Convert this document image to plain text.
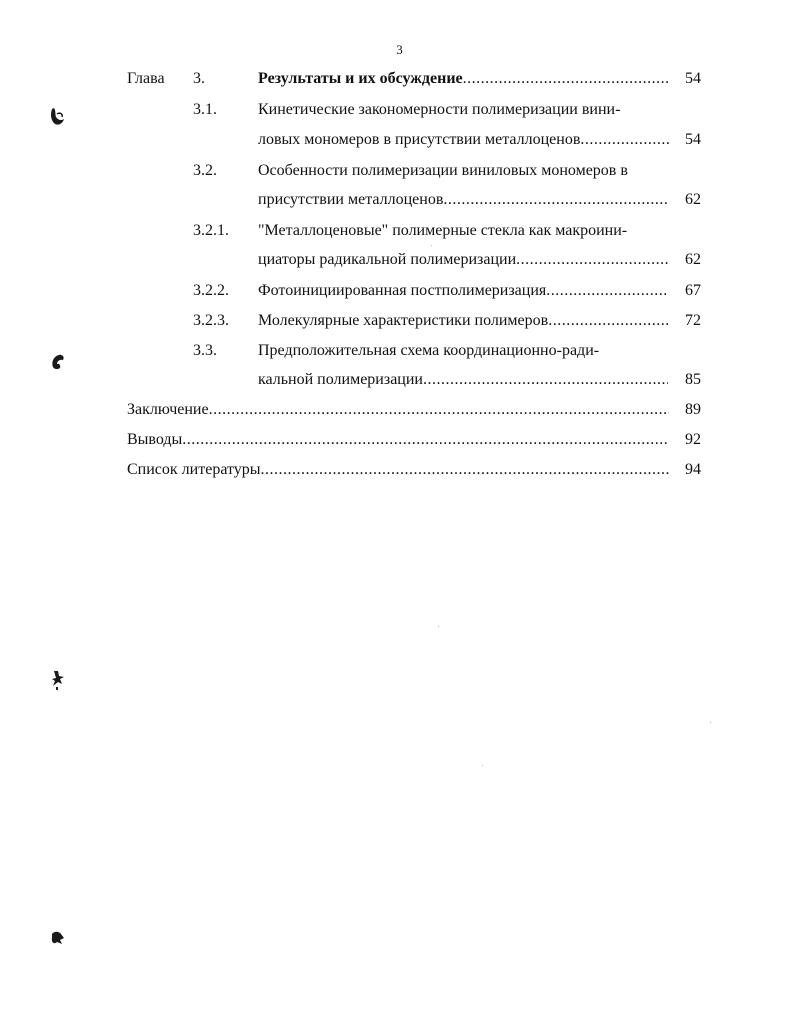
3
Глава 3.	Результаты и их обсуждение .....	54
3.1.	Кинетические закономерности полимеризации вини-
ловых мономеров в присутствии металлоценов .....	54
3.2.	Особенности полимеризации виниловых мономеров в
присутствии металлоценов .....	62
3.2.1. "Металлоценовые" полимерные стекла как макроини-
циаторы радикальной полимеризации .....	62
3.2.2. Фотоинициированная постполимеризация .....	67
3.2.3. Молекулярные характеристики полимеров .....	72
3.3.	Предположительная схема координационно-ради-
кальной полимеризации .....	85
Заключение .....	89
Выводы .....	92
Список литературы .....	94
